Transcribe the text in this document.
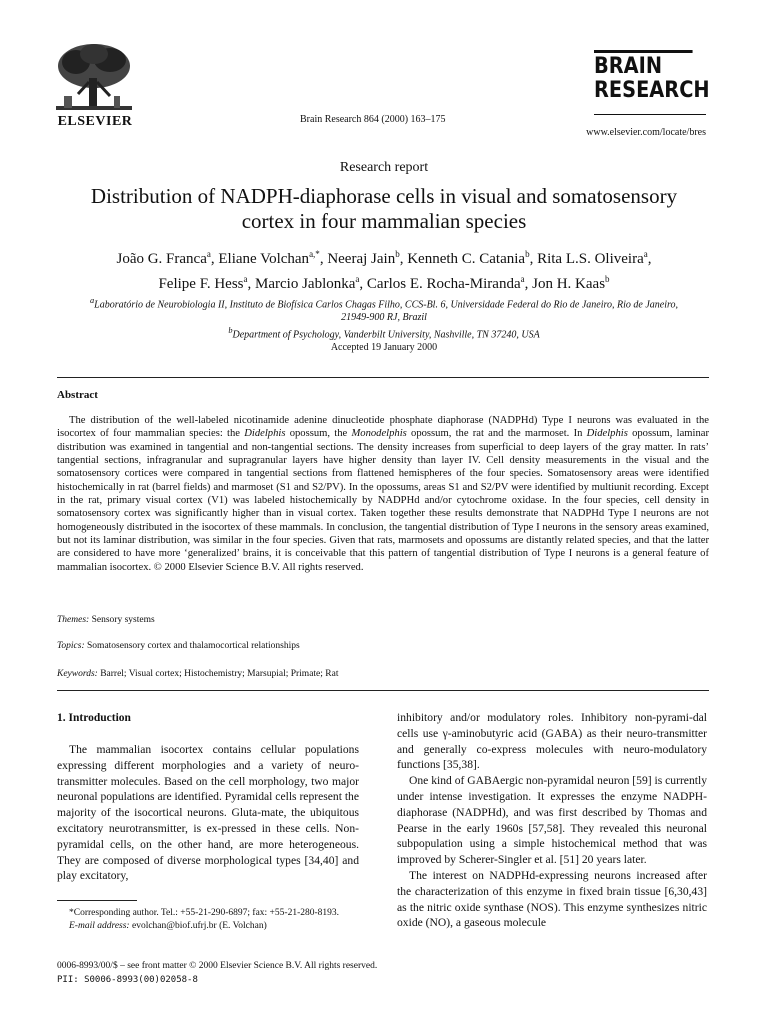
ELSEVIER	Brain Research 864 (2000) 163–175
BRAIN
RESEARCH
www.elsevier.com/locate/bres
Research report
Distribution of NADPH-diaphorase cells in visual and somatosensory
cortex in four mammalian species
João G. Franca$^a$, Eliane Volchan$^{a,*}$, Neeraj Jain$^b$, Kenneth C. Catania$^b$, Rita L.S. Oliveira$^a$,
Felipe F. Hess$^a$, Marcio Jablonka$^a$, Carlos E. Rocha-Miranda$^a$, Jon H. Kaas$^b$
$^a$Laboratório de Neurobiologia II, Instituto de Biofísica Carlos Chagas Filho, CCS-Bl. 6, Universidade Federal do Rio de Janeiro, Rio de Janeiro,
21949-900 RJ, Brazil
$^b$Department of Psychology, Vanderbilt University, Nashville, TN 37240, USA
Accepted 19 January 2000
Abstract
The distribution of the well-labeled nicotinamide adenine dinucleotide phosphate diaphorase (NADPHd) Type I neurons was evaluated in the isocortex of four mammalian species: the Didelphis opossum, the Monodelphis opossum, the rat and the marmoset. In Didelphis opossum, laminar distribution was examined in tangential and non-tangential sections. The density increases from superficial to deep layers of the gray matter. In rats’ tangential sections, infragranular and supragranular layers have higher density than layer IV. Cell density measurements in the visual and the somatosensory cortices were compared in tangential sections from flattened hemispheres of the four species. Somatosensory areas were identified histochemically in rat (barrel fields) and marmoset (S1 and S2/PV). In the opossums, areas S1 and S2/PV were identified by multiunit recording. Except in the rat, primary visual cortex (V1) was labeled histochemically by NADPHd and/or cytochrome oxidase. In the four species, cell density in somatosensory cortex was significantly higher than in visual cortex. Taken together these results demonstrate that NADPHd Type I neurons are not homogeneously distributed in the isocortex of these mammals. In conclusion, the tangential distribution of Type I neurons in the sensory areas examined, but not its laminar distribution, was similar in the four species. Given that rats, marmosets and opossums are distantly related species, and that the latter are considered to have more ‘generalized’ brains, it is conceivable that this pattern of tangential distribution of Type I neurons is a general feature of mammalian isocortex. © 2000 Elsevier Science B.V. All rights reserved.
Themes: Sensory systems
Topics: Somatosensory cortex and thalamocortical relationships
Keywords: Barrel; Visual cortex; Histochemistry; Marsupial; Primate; Rat
1. Introduction

The mammalian isocortex contains cellular populations expressing different morphologies and a variety of neuro-transmitter molecules. Based on the cell morphology, two major neuronal populations are identified. Pyramidal cells represent the majority of the isocortical neurons. Gluta-mate, the ubiquitous excitatory neurotransmitter, is ex-pressed in these cells. Non-pyramidal cells, on the other hand, are more heterogeneous. They are composed of diverse morphological types [34,40] and play excitatory,

inhibitory and/or modulatory roles. Inhibitory non-pyrami-dal cells use γ-aminobutyric acid (GABA) as their neuro-transmitter and generally co-express molecules with neuro-modulatory functions [35,38].

One kind of GABAergic non-pyramidal neuron [59] is currently under intense investigation. It expresses the enzyme NADPH-diaphorase (NADPHd), and was first described by Thomas and Pearse in the early 1960s [57,58]. They revealed this neuronal subpopulation using a simple histochemical method that was improved by Scherer-Singler et al. [51] 20 years later.

The interest on NADPHd-expressing neurons increased after the characterization of this enzyme in fixed brain tissue [6,30,43] as the nitric oxide synthase (NOS). This enzyme synthesizes nitric oxide (NO), a gaseous molecule

*Corresponding author. Tel.: +55-21-290-6897; fax: +55-21-280-8193.
E-mail address: evolchan@biof.ufrj.br (E. Volchan)
0006-8993/00/$ – see front matter © 2000 Elsevier Science B.V. All rights reserved.
PII: S0006-8993(00)02058-8
